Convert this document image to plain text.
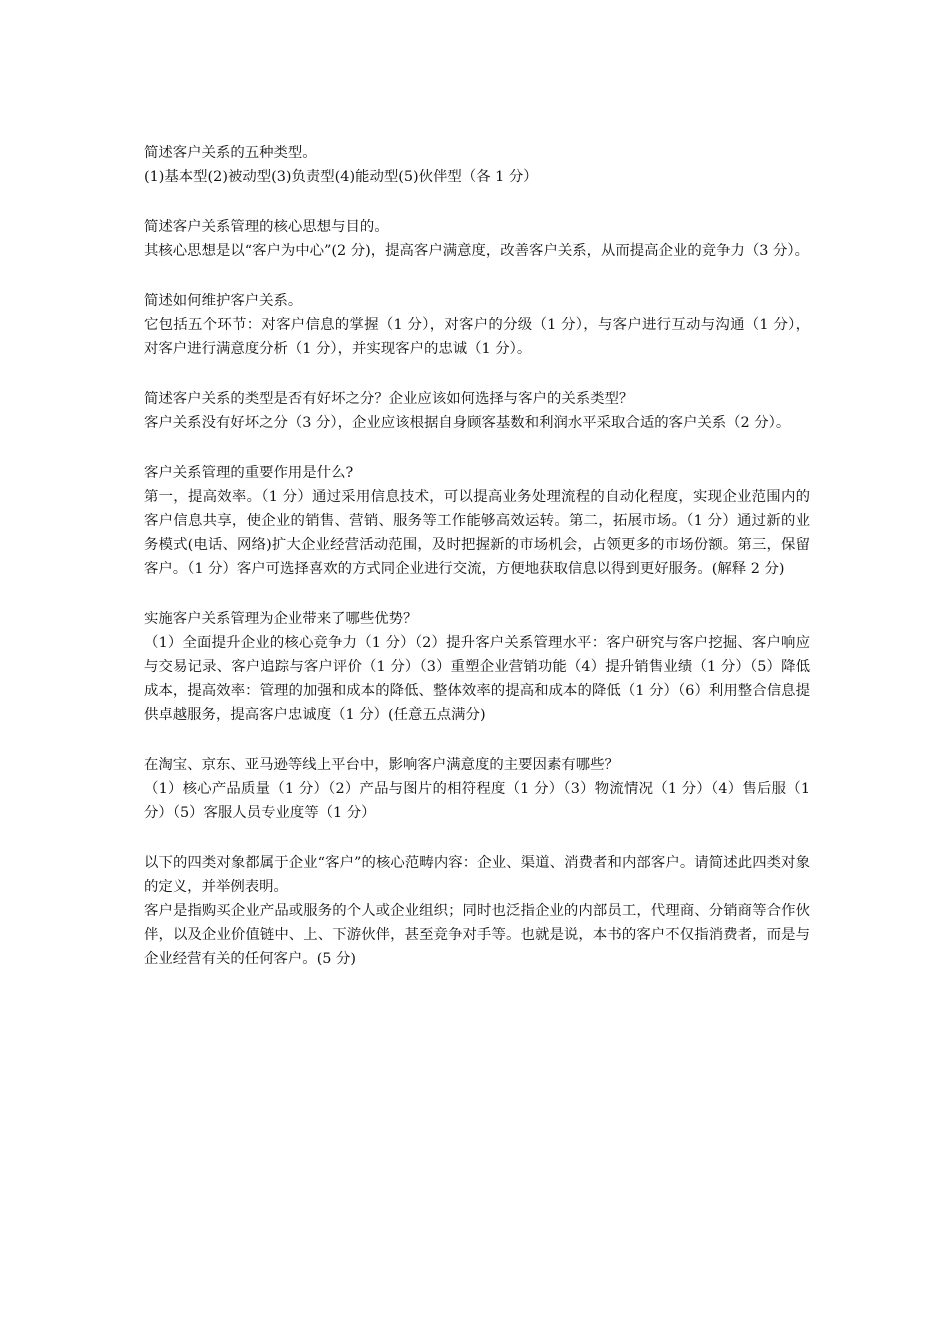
简述客户关系的五种类型。

(1)基本型(2)被动型(3)负责型(4)能动型(5)伙伴型（各 1 分）

简述客户关系管理的核心思想与目的。

其核心思想是以“客户为中心”(2 分)，提高客户满意度，改善客户关系，从而提高企业的竞争力（3 分）。

简述如何维护客户关系。

它包括五个环节：对客户信息的掌握（1 分），对客户的分级（1 分），与客户进行互动与沟通（1 分），对客户进行满意度分析（1 分），并实现客户的忠诚（1 分）。

简述客户关系的类型是否有好坏之分？企业应该如何选择与客户的关系类型？

客户关系没有好坏之分（3 分），企业应该根据自身顾客基数和利润水平采取合适的客户关系（2 分）。

客户关系管理的重要作用是什么?

第一，提高效率。（1 分）通过采用信息技术，可以提高业务处理流程的自动化程度，实现企业范围内的客户信息共享，使企业的销售、营销、服务等工作能够高效运转。第二，拓展市场。（1 分）通过新的业务模式(电话、网络)扩大企业经营活动范围，及时把握新的市场机会，占领更多的市场份额。第三，保留客户。（1 分）客户可选择喜欢的方式同企业进行交流，方便地获取信息以得到更好服务。(解释 2 分)

实施客户关系管理为企业带来了哪些优势？

（1）全面提升企业的核心竞争力（1 分）（2）提升客户关系管理水平：客户研究与客户挖掘、客户响应与交易记录、客户追踪与客户评价（1 分）（3）重塑企业营销功能（4）提升销售业绩（1 分）（5）降低成本，提高效率：管理的加强和成本的降低、整体效率的提高和成本的降低（1 分）（6）利用整合信息提供卓越服务，提高客户忠诚度（1 分）(任意五点满分)

在淘宝、京东、亚马逊等线上平台中，影响客户满意度的主要因素有哪些？

（1）核心产品质量（1 分）（2）产品与图片的相符程度（1 分）（3）物流情况（1 分）（4）售后服（1 分）（5）客服人员专业度等（1 分）

以下的四类对象都属于企业“客户”的核心范畴内容：企业、渠道、消费者和内部客户。请简述此四类对象的定义，并举例表明。

客户是指购买企业产品或服务的个人或企业组织；同时也泛指企业的内部员工，代理商、分销商等合作伙伴，以及企业价值链中、上、下游伙伴，甚至竞争对手等。也就是说，本书的客户不仅指消费者，而是与企业经营有关的任何客户。(5 分)
